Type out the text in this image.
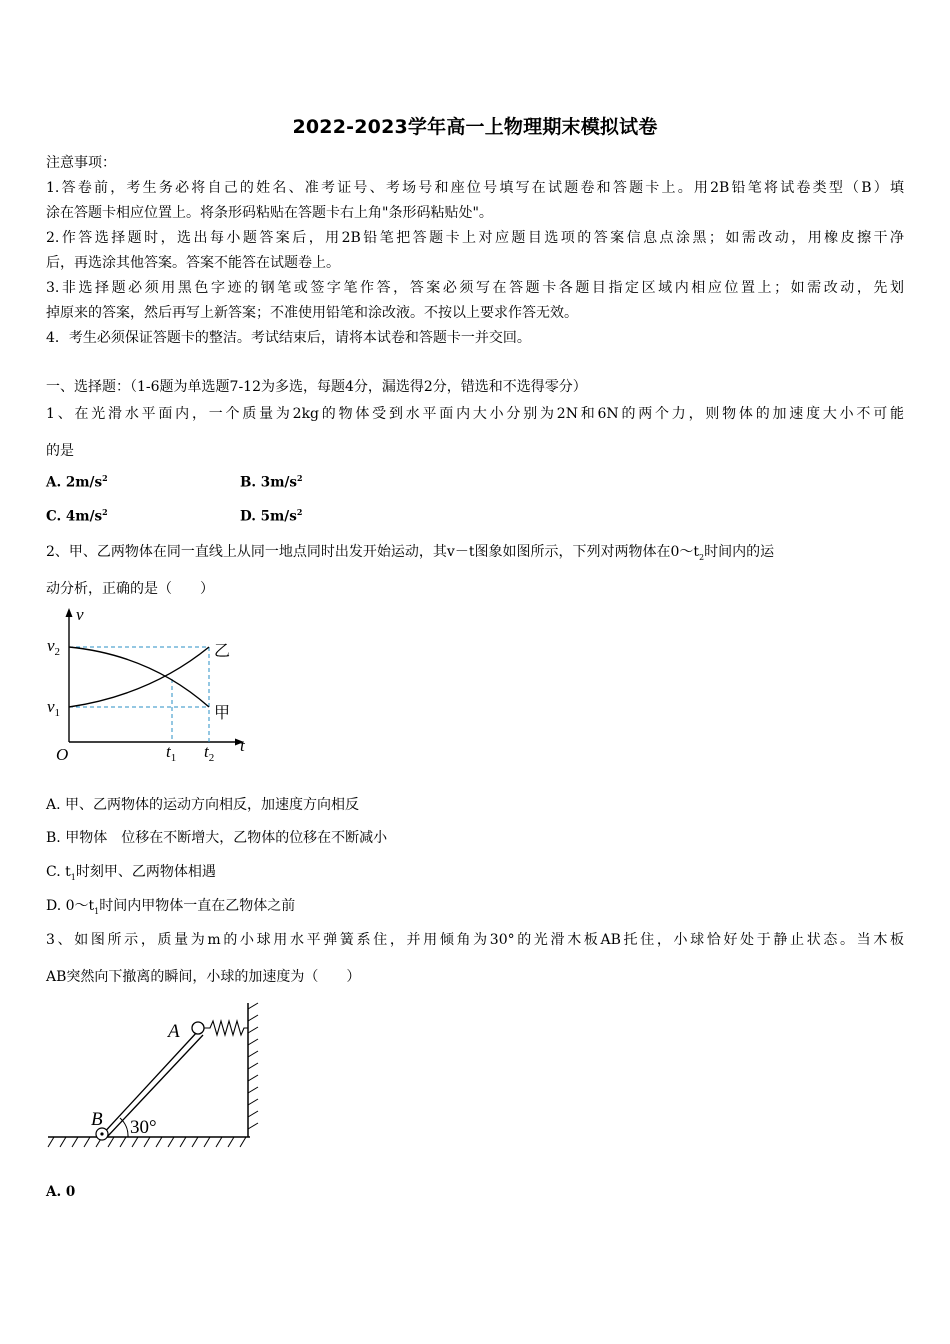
2022-2023学年高一上物理期末模拟试卷
注意事项：
1.答卷前，考生务必将自己的姓名、准考证号、考场号和座位号填写在试题卷和答题卡上。用2B铅笔将试卷类型（B）填
涂在答题卡相应位置上。将条形码粘贴在答题卡右上角"条形码粘贴处"。
2.作答选择题时，选出每小题答案后，用2B铅笔把答题卡上对应题目选项的答案信息点涂黑；如需改动，用橡皮擦干净
后，再选涂其他答案。答案不能答在试题卷上。
3.非选择题必须用黑色字迹的钢笔或签字笔作答，答案必须写在答题卡各题目指定区域内相应位置上；如需改动，先划
掉原来的答案，然后再写上新答案；不准使用铅笔和涂改液。不按以上要求作答无效。
4．考生必须保证答题卡的整洁。考试结束后，请将本试卷和答题卡一并交回。
一、选择题：（1-6题为单选题7-12为多选，每题4分，漏选得2分，错选和不选得零分）
1、在光滑水平面内，一个质量为2kg的物体受到水平面内大小分别为2N和6N的两个力，则物体的加速度大小不可能
的是
A. $2m/s^2$	B. $3m/s^2$
C. $4m/s^2$	D. $5m/s^2$
2、甲、乙两物体在同一直线上从同一地点同时出发开始运动，其v－t图象如图所示，下列对两物体在$0\sim t_2$时间内的运
动分析，正确的是（　　）
v
t
O
$v_2$
$v_1$
$t_1$ $t_2$
乙
甲
A. 甲、乙两物体的运动方向相反，加速度方向相反
B. 甲物体　位移在不断增大，乙物体的位移在不断减小
C. $t_1$时刻甲、乙两物体相遇
D. $0\sim t_1$时间内甲物体一直在乙物体之前
3、如图所示，质量为m的小球用水平弹簧系住，并用倾角为30°的光滑木板AB托住，小球恰好处于静止状态。当木板
AB突然向下撤离的瞬间，小球的加速度为（　　）
A
B 30°
A. 0
